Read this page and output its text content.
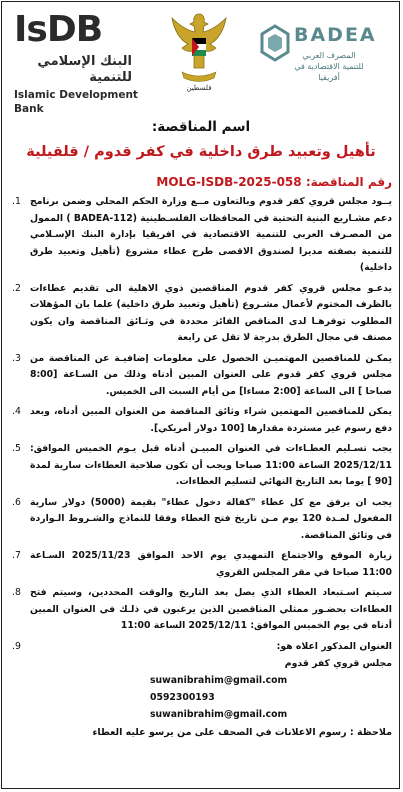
IsDB
البنك الإسلامي للتنمية
Islamic Development Bank
فلسطين
BADEA
المصرف العربي للتنمية الاقتصادية في أفريقيا

اسم المناقصة:

تأهيل وتعبيد طرق داخلية في كفر قدوم / قلقيلية

رقم المناقصة: MOLG-ISDB-2025-058
.1 يــود مجلس قروي كفر قدوم وبالتعاون مــع وزارة الحكم المحلي وضمن برنامج دعم مشـاريع البنية التحتية في المحافظات الفلسـطينية (BADEA-112 ) الممول من المصـرف العربي للتنمية الاقتصادية في افريقيا بإدارة البنك الإسـلامي للتنمية بصفته مديرا لصندوق الاقصى طرح عطاء مشروع (تأهيل وتعبيد طرق داخلية)
.2 يدعـو مجلس قروي كفر قدوم المناقصين ذوي الاهلية الى تقديم عطاءات بالظرف المختوم لأعمال مشـروع (تأهيل وتعبيد طرق داخلية) علما بان المؤهلات المطلوب توفرهـا لدى المناقص الفائز محددة في وثـائق المناقصة وان يكون مصنف في مجال الطرق بدرجة لا تقل عن رابعة
.3 يمكـن للمناقصين المهتميـن الحصول على معلومات إضافيـة عن المناقصة من مجلس قروي كفر قدوم على العنوان المبين أدناه وذلك من السـاعة [8:00 صباحا ] الى الساعة [2:00 مساءا] من أيام السبت الى الخميس.
.4 يمكن للمناقصين المهتمين شراء وثائق المناقصة من العنوان المبين أدناه، وبعد دفع رسوم غير مستردة مقدارها [100 دولار أمريكي].
.5 يجب تسـليم العطـاءات في العنوان المبيـن أدناه قبل يـوم الخميس الموافق: 2025/12/11 الساعة 11:00 صباحا ويجب أن تكون صلاحية العطاءات سارية لمدة [90 ] يوما بعد التاريخ النهائي لتسليم العطاءات.
.6 يجب ان يرفق مع كل عطاء "كفالة دخول عطاء" بقيمة (5000) دولار سارية المفعول لمـدة 120 يوم مـن تاريخ فتح العطاء وفقا للنماذج والشـروط الـواردة في وثائق المناقصة.
.7 زيارة الموقع والاجتماع التمهيدي يوم الاحد الموافق 2025/11/23 السـاعة 11:00 صباحا في مقر المجلس القروي
.8 سـيتم اسـتبعاد العطاء الذي يصل بعد التاريخ والوقت المحددين، وسيتم فتح العطاءات بحضـور ممثلي المناقصين الذين يرغبون في ذلـك في العنوان المبين أدناه في يوم الخميس الموافق: 2025/12/11 الساعة 11:00
.9	العنوان المذكور اعلاه هو:
مجلس قروي كفر قدوم
suwanibrahim@gmail.com
0592300193
suwanibrahim@gmail.com
ملاحظة : رسوم الاعلانات في الصحف على من يرسو عليه العطاء
